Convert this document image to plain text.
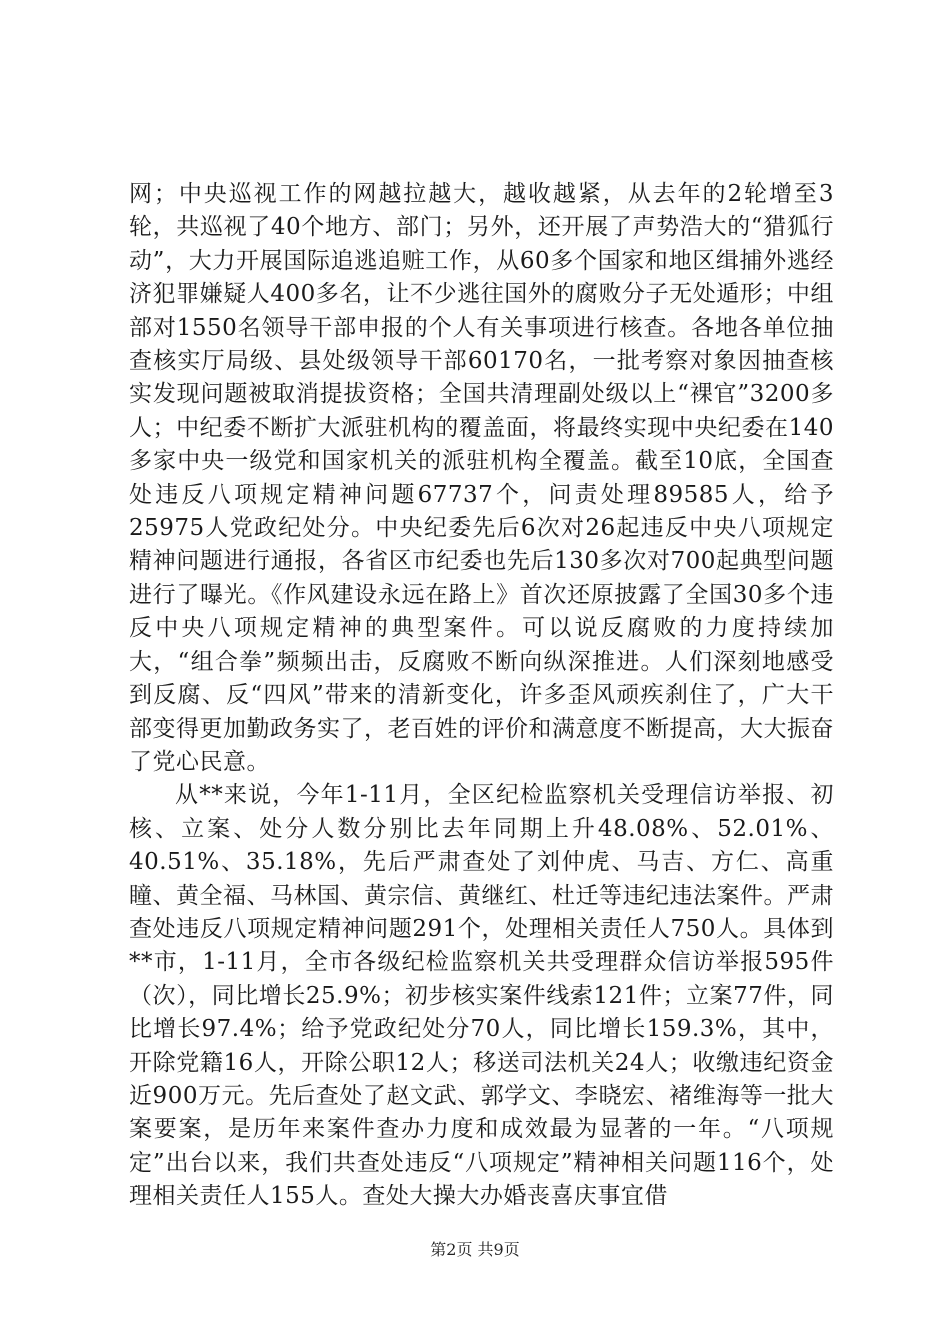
网；中央巡视工作的网越拉越大，越收越紧，从去年的2轮增至3轮，共巡视了40个地方、部门；另外，还开展了声势浩大的“猎狐行动”，大力开展国际追逃追赃工作，从60多个国家和地区缉捕外逃经济犯罪嫌疑人400多名，让不少逃往国外的腐败分子无处遁形；中组部对1550名领导干部申报的个人有关事项进行核查。各地各单位抽查核实厅局级、县处级领导干部60170名，一批考察对象因抽查核实发现问题被取消提拔资格；全国共清理副处级以上“裸官”3200多人；中纪委不断扩大派驻机构的覆盖面，将最终实现中央纪委在140多家中央一级党和国家机关的派驻机构全覆盖。截至10底，全国查处违反八项规定精神问题67737个，问责处理89585人，给予25975人党政纪处分。中央纪委先后6次对26起违反中央八项规定精神问题进行通报，各省区市纪委也先后130多次对700起典型问题进行了曝光。《作风建设永远在路上》首次还原披露了全国30多个违反中央八项规定精神的典型案件。可以说反腐败的力度持续加大，“组合拳”频频出击，反腐败不断向纵深推进。人们深刻地感受到反腐、反“四风”带来的清新变化，许多歪风顽疾刹住了，广大干部变得更加勤政务实了，老百姓的评价和满意度不断提高，大大振奋了党心民意。

从**来说，今年1-11月，全区纪检监察机关受理信访举报、初核、立案、处分人数分别比去年同期上升48.08%、52.01%、40.51%、35.18%，先后严肃查处了刘仲虎、马吉、方仁、高重瞳、黄全福、马林国、黄宗信、黄继红、杜迁等违纪违法案件。严肃查处违反八项规定精神问题291个，处理相关责任人750人。具体到**市，1-11月，全市各级纪检监察机关共受理群众信访举报595件（次），同比增长25.9%；初步核实案件线索121件；立案77件，同比增长97.4%；给予党政纪处分70人，同比增长159.3%，其中，开除党籍16人，开除公职12人；移送司法机关24人；收缴违纪资金近900万元。先后查处了赵文武、郭学文、李晓宏、褚维海等一批大案要案，是历年来案件查办力度和成效最为显著的一年。“八项规定”出台以来，我们共查处违反“八项规定”精神相关问题116个，处理相关责任人155人。查处大操大办婚丧喜庆事宜借

第2页 共9页
